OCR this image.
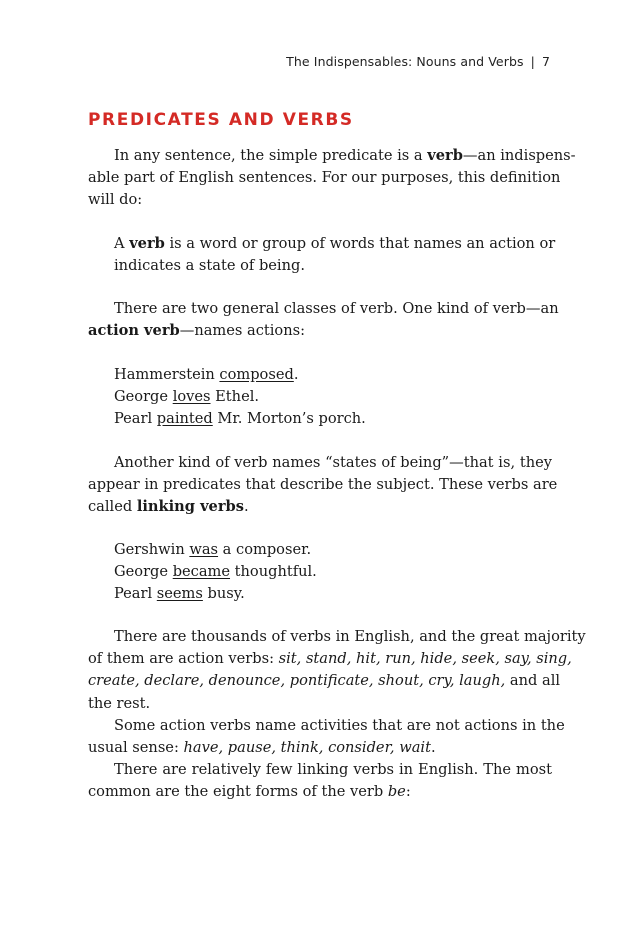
The Indispensables: Nouns and Verbs | 7
PREDICATES AND VERBS
In any sentence, the simple predicate is a verb—an indispens-
able part of English sentences. For our purposes, this definition
will do:
A verb is a word or group of words that names an action or
indicates a state of being.
There are two general classes of verb. One kind of verb—an
action verb—names actions:
Hammerstein composed.
George loves Ethel.
Pearl painted Mr. Morton’s porch.
Another kind of verb names “states of being”—that is, they
appear in predicates that describe the subject. These verbs are
called linking verbs.
Gershwin was a composer.
George became thoughtful.
Pearl seems busy.
There are thousands of verbs in English, and the great majority
of them are action verbs: sit, stand, hit, run, hide, seek, say, sing,
create, declare, denounce, pontificate, shout, cry, laugh, and all
the rest.
Some action verbs name activities that are not actions in the
usual sense: have, pause, think, consider, wait.
There are relatively few linking verbs in English. The most
common are the eight forms of the verb be:
